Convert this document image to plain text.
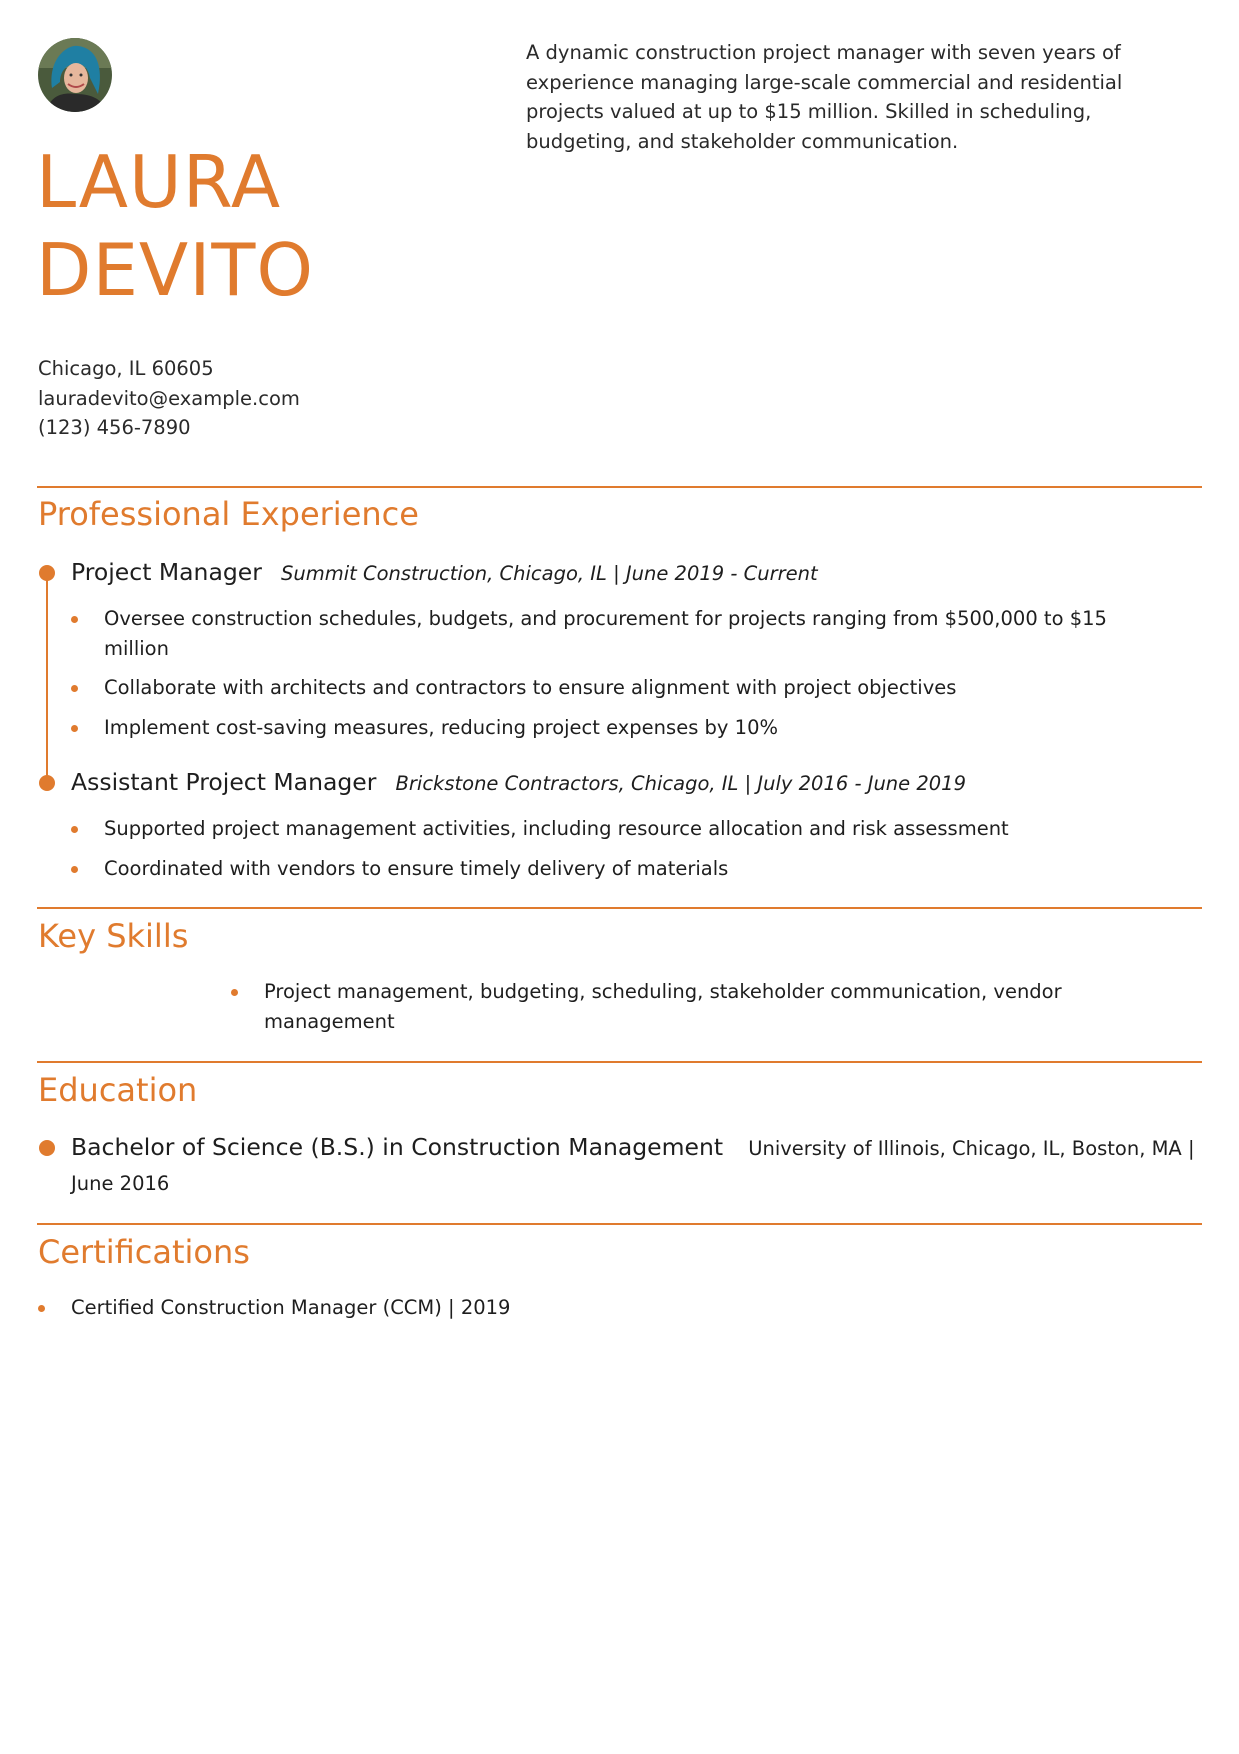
LAURA
DEVITO

A dynamic construction project manager with seven years of experience managing large-scale commercial and residential projects valued at up to $15 million. Skilled in scheduling, budgeting, and stakeholder communication.

Chicago, IL 60605
lauradevito@example.com
(123) 456-7890
Professional Experience
Project Manager Summit Construction, Chicago, IL | June 2019 - Current
Oversee construction schedules, budgets, and procurement for projects ranging from $500,000 to $15 million
Collaborate with architects and contractors to ensure alignment with project objectives
Implement cost-saving measures, reducing project expenses by 10%
Assistant Project Manager Brickstone Contractors, Chicago, IL | July 2016 - June 2019
Supported project management activities, including resource allocation and risk assessment
Coordinated with vendors to ensure timely delivery of materials
Key Skills
Project management, budgeting, scheduling, stakeholder communication, vendor management
Education
Bachelor of Science (B.S.) in Construction Management University of Illinois, Chicago, IL, Boston, MA | June 2016
Certifications
Certified Construction Manager (CCM) | 2019
